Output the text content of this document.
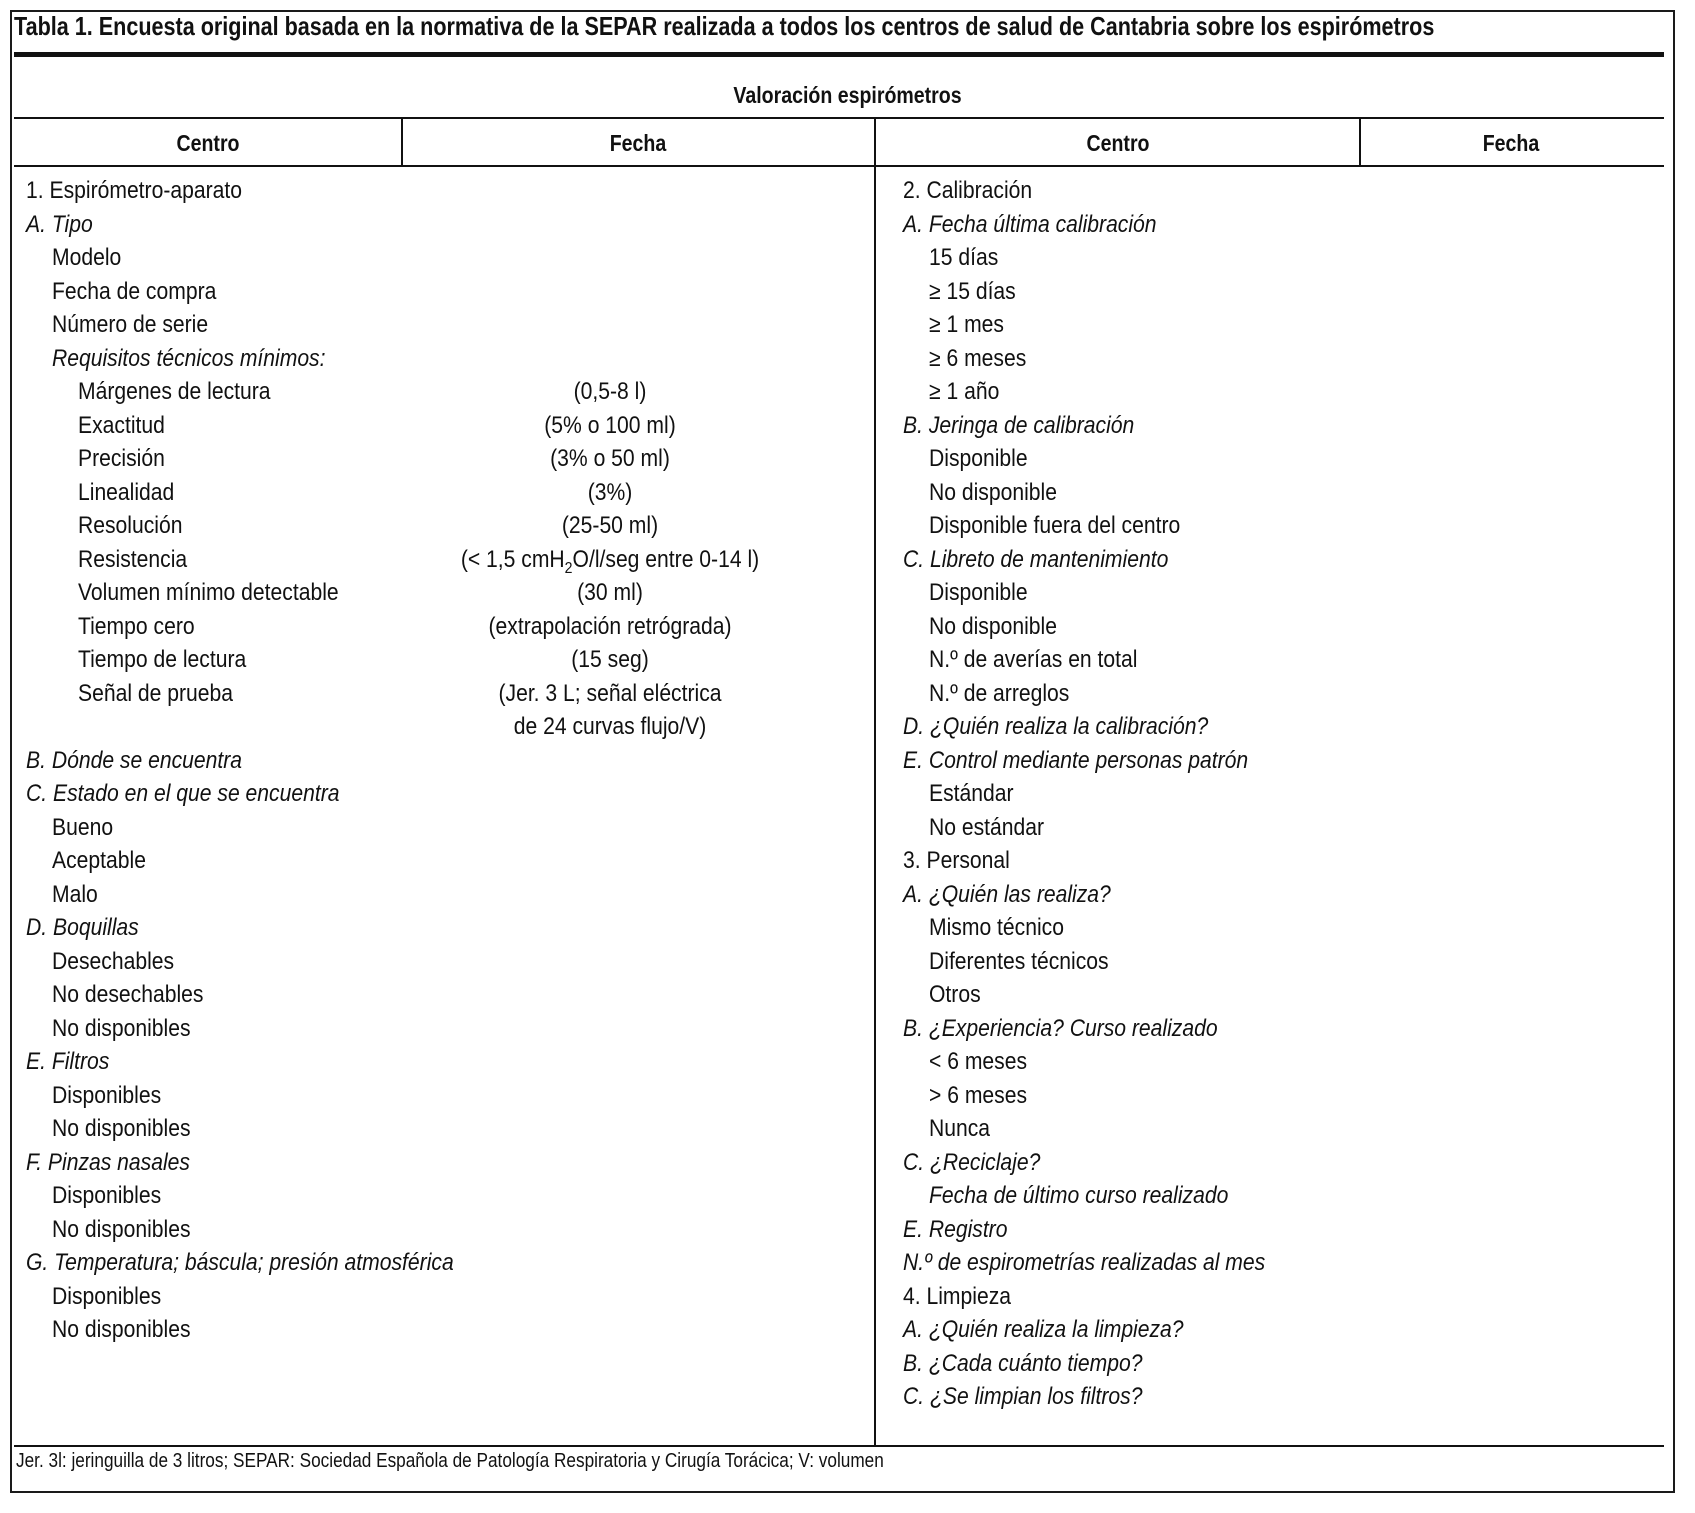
Tabla 1. Encuesta original basada en la normativa de la SEPAR realizada a todos los centros de salud de Cantabria sobre los espirómetros
Valoración espirómetros
Centro	Fecha	Centro	Fecha
1. Espirómetro-aparato
A. Tipo
Modelo
Fecha de compra
Número de serie
Requisitos técnicos mínimos:
Márgenes de lectura	(0,5-8 l)
Exactitud	(5% o 100 ml)
Precisión	(3% o 50 ml)
Linealidad	(3%)
Resolución	(25-50 ml)
Resistencia	(< 1,5 cmH$_2$O/l/seg entre 0-14 l)
Volumen mínimo detectable	(30 ml)
Tiempo cero	(extrapolación retrógrada)
Tiempo de lectura	(15 seg)
Señal de prueba	(Jer. 3 L; señal eléctrica
de 24 curvas flujo/V)
B. Dónde se encuentra
C. Estado en el que se encuentra
Bueno
Aceptable
Malo
D. Boquillas
Desechables
No desechables
No disponibles
E. Filtros
Disponibles
No disponibles
F. Pinzas nasales
Disponibles
No disponibles
G. Temperatura; báscula; presión atmosférica
Disponibles
No disponibles
2. Calibración
A. Fecha última calibración
15 días
≥ 15 días
≥ 1 mes
≥ 6 meses
≥ 1 año
B. Jeringa de calibración
Disponible
No disponible
Disponible fuera del centro
C. Libreto de mantenimiento
Disponible
No disponible
N.º de averías en total
N.º de arreglos
D. ¿Quién realiza la calibración?
E. Control mediante personas patrón
Estándar
No estándar
3. Personal
A. ¿Quién las realiza?
Mismo técnico
Diferentes técnicos
Otros
B. ¿Experiencia? Curso realizado
< 6 meses
> 6 meses
Nunca
C. ¿Reciclaje?
Fecha de último curso realizado
E. Registro
N.º de espirometrías realizadas al mes
4. Limpieza
A. ¿Quién realiza la limpieza?
B. ¿Cada cuánto tiempo?
C. ¿Se limpian los filtros?
Jer. 3l: jeringuilla de 3 litros; SEPAR: Sociedad Española de Patología Respiratoria y Cirugía Torácica; V: volumen
